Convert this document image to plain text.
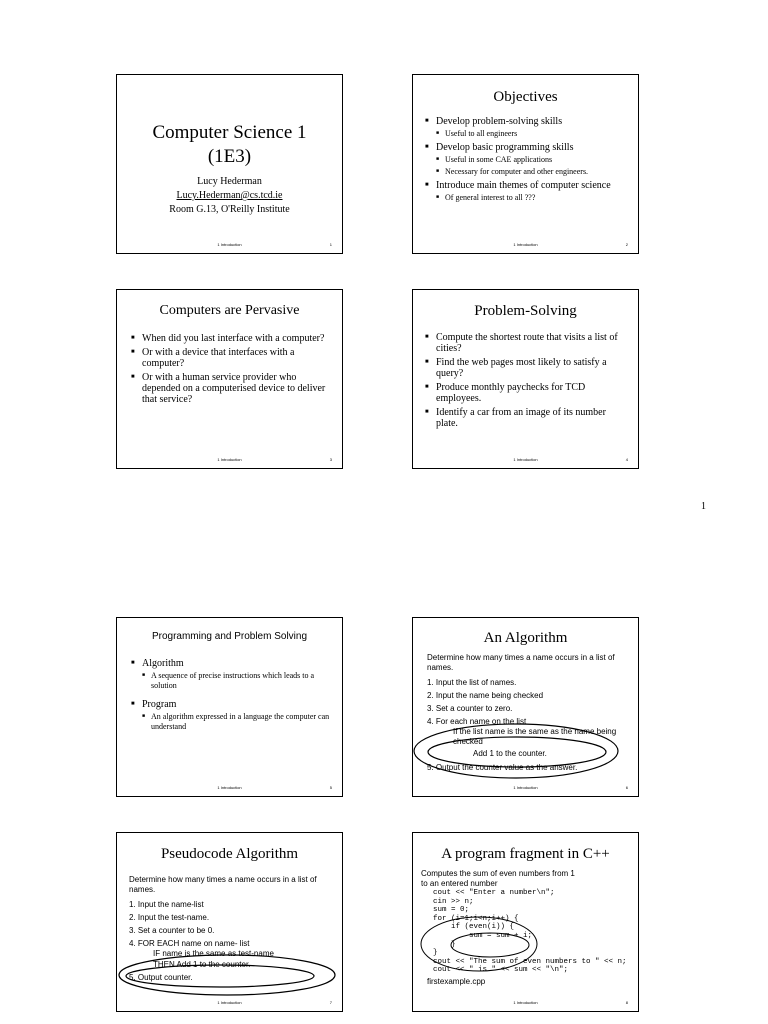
Computer Science 1
(1E3)
Lucy Hederman
Lucy.Hederman@cs.tcd.ie
Room G.13, O'Reilly Institute
1 Introduction	1
Objectives
■ Develop problem-solving skills
■ Useful to all engineers
■ Develop basic programming skills
■ Useful in some CAE applications
■ Necessary for computer and other engineers.
■ Introduce main themes of computer science
■ Of general interest to all ???
1 Introduction	2
Computers are Pervasive
■ When did you last interface with a computer?
■ Or with a device that interfaces with a computer?
■ Or with a human service provider who depended on a computerised device to deliver that service?
1 Introduction	3
Problem-Solving
■ Compute the shortest route that visits a list of cities?
■ Find the web pages most likely to satisfy a query?
■ Produce monthly paychecks for TCD employees.
■ Identify a car from an image of its number plate.
1 Introduction	4
1
Programming and Problem Solving
■ Algorithm
■ A sequence of precise instructions which leads to a solution
■ Program
■ An algorithm expressed in a language the computer can understand
1 Introduction	5
An Algorithm
Determine how many times a name occurs in a list of names.
1. Input the list of names.
2. Input the name being checked
3. Set a counter to zero.
4. For each name on the list
If the list name is the same as the name being checked
Add 1 to the counter.
5. Output the counter value as the answer.
1 Introduction	6
Pseudocode Algorithm
Determine how many times a name occurs in a list of names.
1. Input the name-list
2. Input the test-name.
3. Set a counter to be 0.
4. FOR EACH name on name- list
IF name is the same as test-name
THEN Add 1 to the counter.
5. Output counter.
1 Introduction	7
A program fragment in C++
Computes the sum of even numbers from 1 to an entered number
cout << "Enter a number\n";
cin >> n;
sum = 0;
for (i=1;i<n;i++) {
if (even(i)) {
sum = sum + i;
}
}
cout << "The sum of even numbers to " << n;
cout << " is " << sum << "\n";
firstexample.cpp
1 Introduction	8
